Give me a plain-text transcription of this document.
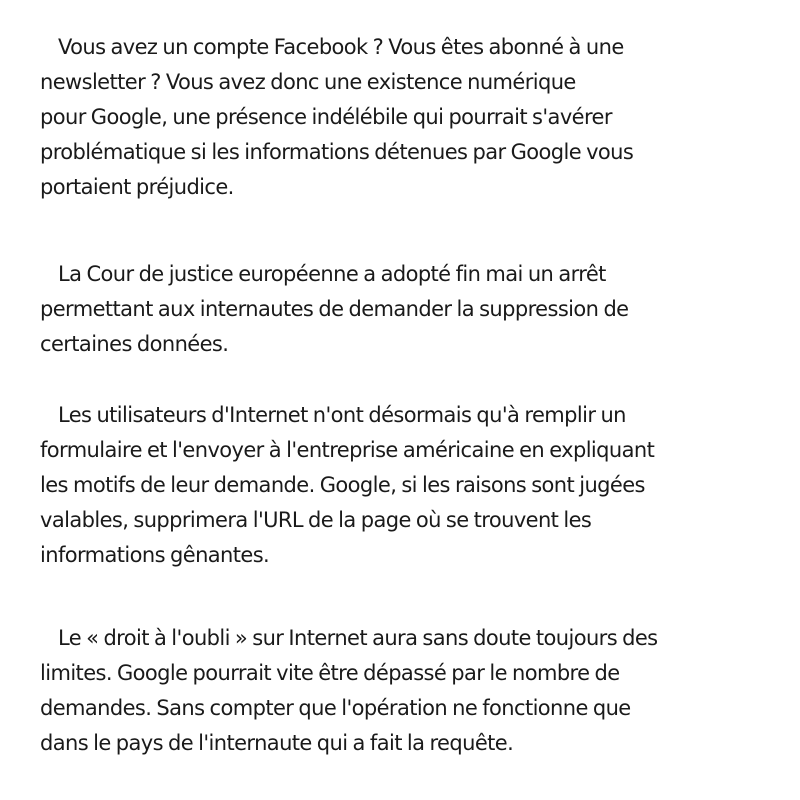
Vous avez un compte Facebook ? Vous êtes abonné à une
newsletter ? Vous avez donc une existence numérique
pour Google, une présence indélébile qui pourrait s'avérer
problématique si les informations détenues par Google vous
portaient préjudice.

La Cour de justice européenne a adopté fin mai un arrêt
permettant aux internautes de demander la suppression de
certaines données.

Les utilisateurs d'Internet n'ont désormais qu'à remplir un
formulaire et l'envoyer à l'entreprise américaine en expliquant
les motifs de leur demande. Google, si les raisons sont jugées
valables, supprimera l'URL de la page où se trouvent les
informations gênantes.

Le « droit à l'oubli » sur Internet aura sans doute toujours des
limites. Google pourrait vite être dépassé par le nombre de
demandes. Sans compter que l'opération ne fonctionne que
dans le pays de l'internaute qui a fait la requête.
